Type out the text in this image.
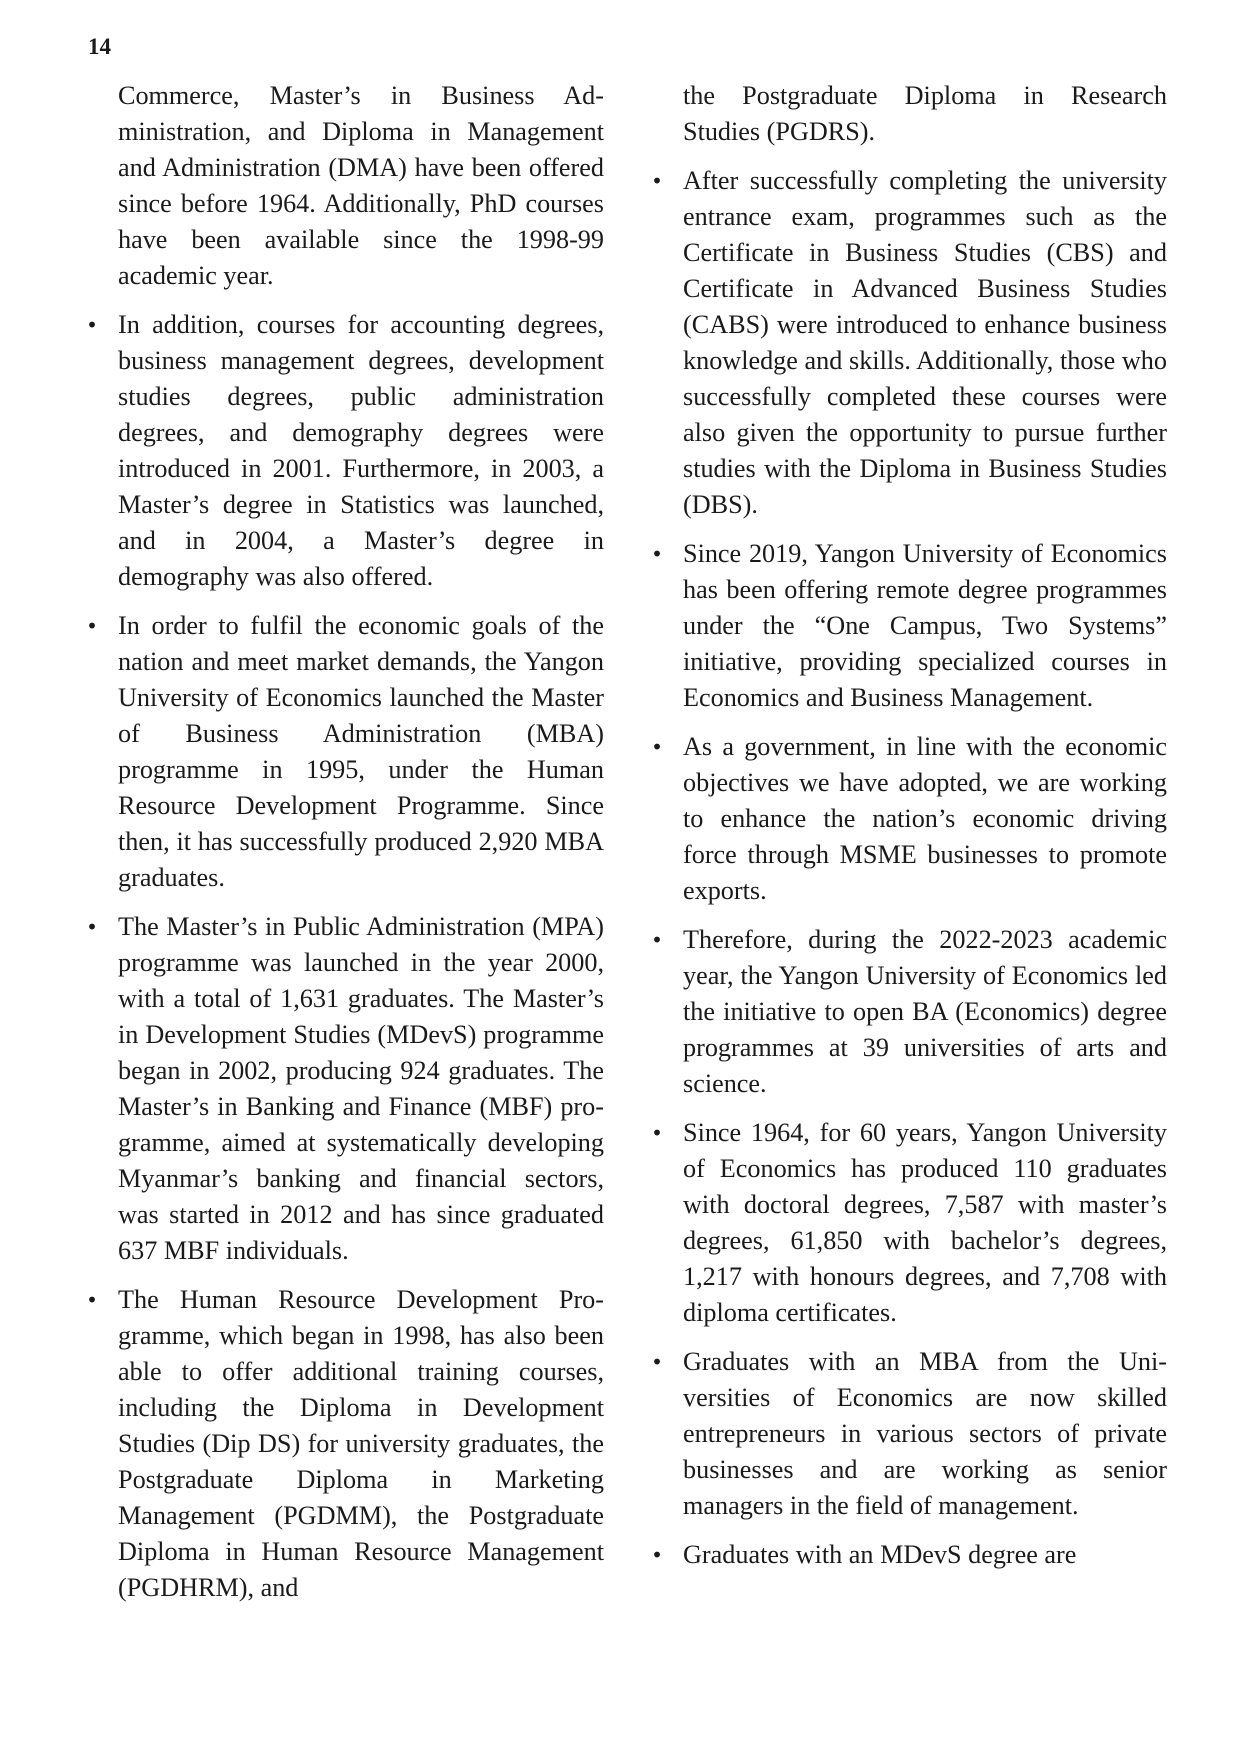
14

Commerce, Master’s in Business Administration, and Diploma in Management and Administration (DMA) have been offered since before 1964. Additionally, PhD courses have been available since the 1998-99 academic year.

• In addition, courses for accounting degrees, business management degrees, development studies degrees, public administration degrees, and demography degrees were introduced in 2001. Furthermore, in 2003, a Master’s degree in Statistics was launched, and in 2004, a Master’s degree in demography was also offered.
• In order to fulfil the economic goals of the nation and meet market demands, the Yangon University of Economics launched the Master of Business Administration (MBA) programme in 1995, under the Human Resource Development Programme. Since then, it has successfully produced 2,920 MBA graduates.
• The Master’s in Public Administration (MPA) programme was launched in the year 2000, with a total of 1,631 graduates. The Master’s in Development Studies (MDevS) programme began in 2002, producing 924 graduates. The Master’s in Banking and Finance (MBF) programme, aimed at systematically developing Myanmar’s banking and financial sectors, was started in 2012 and has since graduated 637 MBF individuals.
• The Human Resource Development Programme, which began in 1998, has also been able to offer additional training courses, including the Diploma in Development Studies (Dip DS) for university graduates, the Postgraduate Diploma in Marketing Management (PGDMM), the Postgraduate Diploma in Human Resource Management (PGDHRM), and

the Postgraduate Diploma in Research Studies (PGDRS).

• After successfully completing the university entrance exam, programmes such as the Certificate in Business Studies (CBS) and Certificate in Advanced Business Studies (CABS) were introduced to enhance business knowledge and skills. Additionally, those who successfully completed these courses were also given the opportunity to pursue further studies with the Diploma in Business Studies (DBS).
• Since 2019, Yangon University of Economics has been offering remote degree programmes under the “One Campus, Two Systems” initiative, providing specialized courses in Economics and Business Management.
• As a government, in line with the economic objectives we have adopted, we are working to enhance the nation’s economic driving force through MSME businesses to promote exports.
• Therefore, during the 2022-2023 academic year, the Yangon University of Economics led the initiative to open BA (Economics) degree programmes at 39 universities of arts and science.
• Since 1964, for 60 years, Yangon University of Economics has produced 110 graduates with doctoral degrees, 7,587 with master’s degrees, 61,850 with bachelor’s degrees, 1,217 with honours degrees, and 7,708 with diploma certificates.
• Graduates with an MBA from the Universities of Economics are now skilled entrepreneurs in various sectors of private businesses and are working as senior managers in the field of management.
• Graduates with an MDevS degree are
